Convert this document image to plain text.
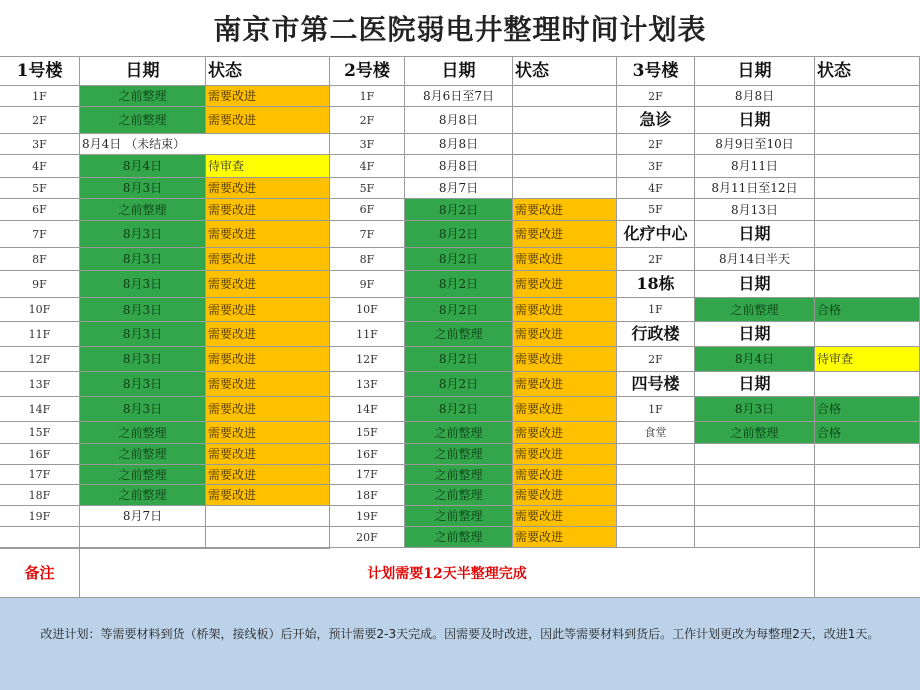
南京市第二医院弱电井整理时间计划表
1号楼	日期	状态
1F	之前整理	需要改进
2F	之前整理	需要改进
3F	8月4日 （未结束）
4F	8月4日	待审查
5F	8月3日	需要改进
6F	之前整理	需要改进
7F	8月3日	需要改进
8F	8月3日	需要改进
9F	8月3日	需要改进
10F	8月3日	需要改进
11F	8月3日	需要改进
12F	8月3日	需要改进
13F	8月3日	需要改进
14F	8月3日	需要改进
15F	之前整理	需要改进
16F	之前整理	需要改进
17F	之前整理	需要改进
18F	之前整理	需要改进
19F	8月7日
2号楼	日期	状态
1F	8月6日至7日
2F	8月8日
3F	8月8日
4F	8月8日
5F	8月7日
6F	8月2日	需要改进
7F	8月2日	需要改进
8F	8月2日	需要改进
9F	8月2日	需要改进
10F	8月2日	需要改进
11F	之前整理	需要改进
12F	8月2日	需要改进
13F	8月2日	需要改进
14F	8月2日	需要改进
15F	之前整理	需要改进
16F	之前整理	需要改进
17F	之前整理	需要改进
18F	之前整理	需要改进
19F	之前整理	需要改进
20F	之前整理	需要改进
3号楼	日期	状态
2F	8月8日
急诊	日期
2F	8月9日至10日
3F	8月11日
4F	8月11日至12日
5F	8月13日
化疗中心	日期
2F	8月14日半天
18栋	日期
1F	之前整理	合格
行政楼	日期
2F	8月4日	待审查
四号楼	日期
1F	8月3日	合格
食堂	之前整理	合格
备注	计划需要12天半整理完成
改进计划：等需要材料到货（桥架，接线板）后开始，预计需要2-3天完成。因需要及时改进，因此等需要材料到货后。工作计划更改为每整理2天，改进1天。
